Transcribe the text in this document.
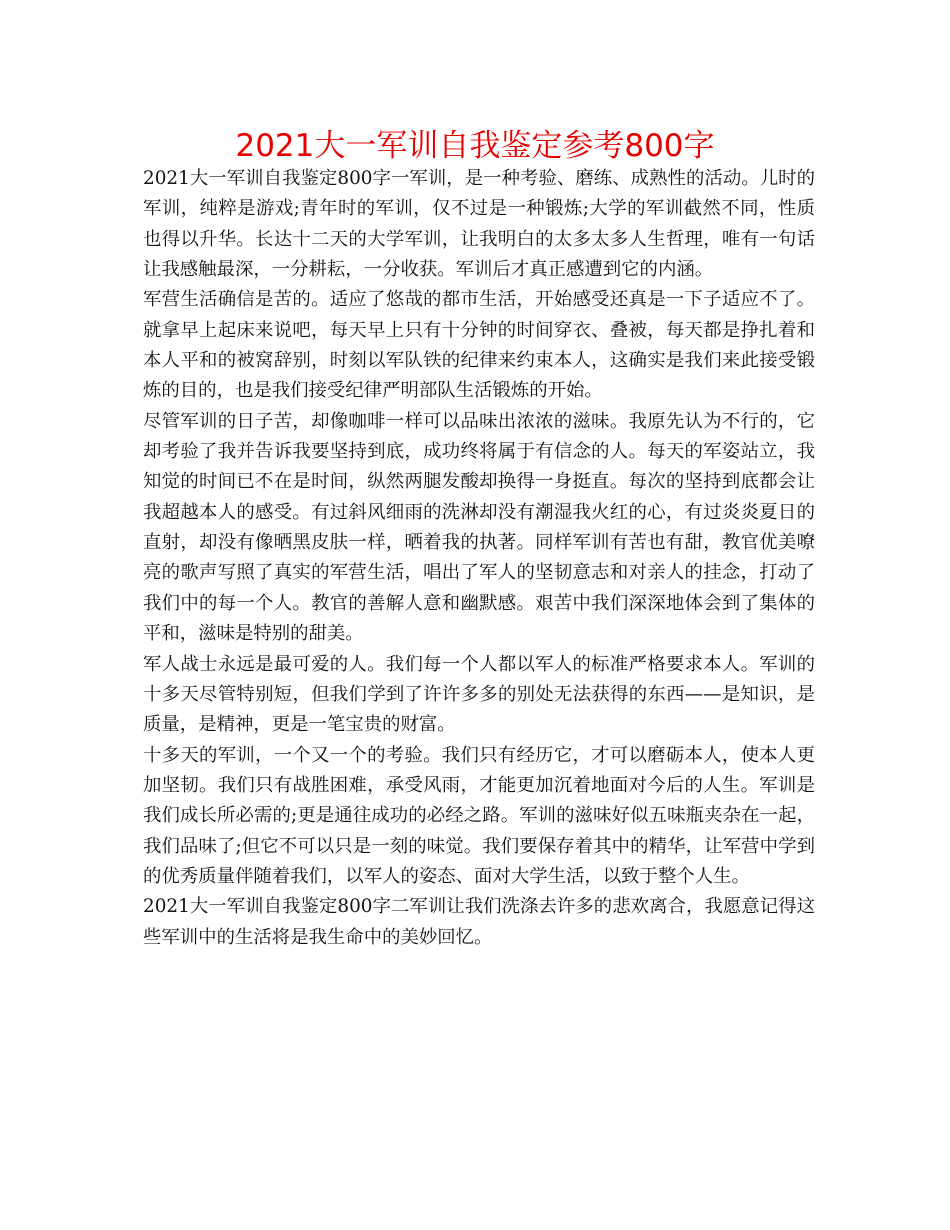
2021大一军训自我鉴定参考800字

2021大一军训自我鉴定800字一军训，是一种考验、磨练、成熟性的活动。儿时的军训，纯粹是游戏;青年时的军训，仅不过是一种锻炼;大学的军训截然不同，性质也得以升华。长达十二天的大学军训，让我明白的太多太多人生哲理，唯有一句话让我感触最深，一分耕耘，一分收获。军训后才真正感遭到它的内涵。

军营生活确信是苦的。适应了悠哉的都市生活，开始感受还真是一下子适应不了。就拿早上起床来说吧，每天早上只有十分钟的时间穿衣、叠被，每天都是挣扎着和本人平和的被窝辞别，时刻以军队铁的纪律来约束本人，这确实是我们来此接受锻炼的目的，也是我们接受纪律严明部队生活锻炼的开始。

尽管军训的日子苦，却像咖啡一样可以品味出浓浓的滋味。我原先认为不行的，它却考验了我并告诉我要坚持到底，成功终将属于有信念的人。每天的军姿站立，我知觉的时间已不在是时间，纵然两腿发酸却换得一身挺直。每次的坚持到底都会让我超越本人的感受。有过斜风细雨的洗淋却没有潮湿我火红的心，有过炎炎夏日的直射，却没有像晒黑皮肤一样，晒着我的执著。同样军训有苦也有甜，教官优美嘹亮的歌声写照了真实的军营生活，唱出了军人的坚韧意志和对亲人的挂念，打动了我们中的每一个人。教官的善解人意和幽默感。艰苦中我们深深地体会到了集体的平和，滋味是特别的甜美。

军人战士永远是最可爱的人。我们每一个人都以军人的标准严格要求本人。军训的十多天尽管特别短，但我们学到了许许多多的别处无法获得的东西——是知识，是质量，是精神，更是一笔宝贵的财富。

十多天的军训，一个又一个的考验。我们只有经历它，才可以磨砺本人，使本人更加坚韧。我们只有战胜困难，承受风雨，才能更加沉着地面对今后的人生。军训是我们成长所必需的;更是通往成功的必经之路。军训的滋味好似五味瓶夹杂在一起，我们品味了;但它不可以只是一刻的味觉。我们要保存着其中的精华，让军营中学到的优秀质量伴随着我们，以军人的姿态、面对大学生活，以致于整个人生。

2021大一军训自我鉴定800字二军训让我们洗涤去许多的悲欢离合，我愿意记得这些军训中的生活将是我生命中的美妙回忆。
